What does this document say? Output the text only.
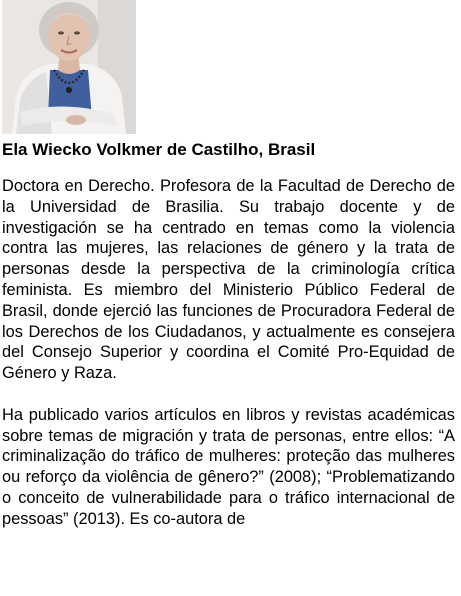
Ela Wiecko Volkmer de Castilho, Brasil

Doctora en Derecho. Profesora de la Facultad de Derecho de la Universidad de Brasilia. Su trabajo docente y de investigación se ha centrado en temas como la violencia contra las mujeres, las relaciones de género y la trata de personas desde la perspectiva de la criminología crítica feminista. Es miembro del Ministerio Público Federal de Brasil, donde ejerció las funciones de Procuradora Federal de los Derechos de los Ciudadanos, y actualmente es consejera del Consejo Superior y coordina el Comité Pro-Equidad de Género y Raza.

Ha publicado varios artículos en libros y revistas académicas sobre temas de migración y trata de personas, entre ellos: “A criminalização do tráfico de mulheres: proteção das mulheres ou reforço da violência de gênero?” (2008); “Problematizando o conceito de vulnerabilidade para o tráfico internacional de pessoas” (2013). Es co-autora de
